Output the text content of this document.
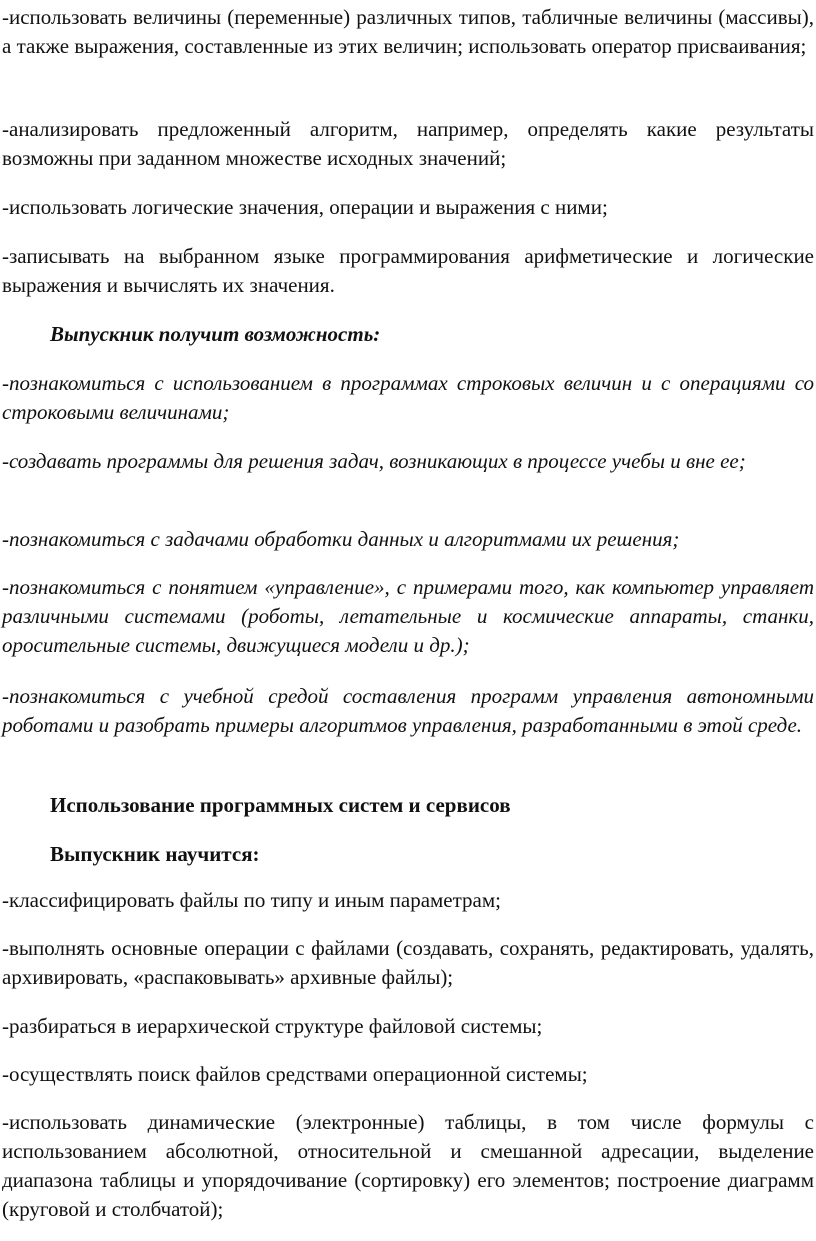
-использовать величины (переменные) различных типов, табличные величины (массивы), а также выражения, составленные из этих величин; использовать оператор присваивания;

-анализировать предложенный алгоритм, например, определять какие результаты возможны при заданном множестве исходных значений;

-использовать логические значения, операции и выражения с ними;

-записывать на выбранном языке программирования арифметические и логические выражения и вычислять их значения.

Выпускник получит возможность:

-познакомиться с использованием в программах строковых величин и с операциями со строковыми величинами;

-создавать программы для решения задач, возникающих в процессе учебы и вне ее;

-познакомиться с задачами обработки данных и алгоритмами их решения;

-познакомиться с понятием «управление», с примерами того, как компьютер управляет различными системами (роботы, летательные и космические аппараты, станки, оросительные системы, движущиеся модели и др.);

-познакомиться с учебной средой составления программ управления автономными роботами и разобрать примеры алгоритмов управления, разработанными в этой среде.

Использование программных систем и сервисов

Выпускник научится:

-классифицировать файлы по типу и иным параметрам;

-выполнять основные операции с файлами (создавать, сохранять, редактировать, удалять, архивировать, «распаковывать» архивные файлы);

-разбираться в иерархической структуре файловой системы;

-осуществлять поиск файлов средствами операционной системы;

-использовать динамические (электронные) таблицы, в том числе формулы с использованием абсолютной, относительной и смешанной адресации, выделение диапазона таблицы и упорядочивание (сортировку) его элементов; построение диаграмм (круговой и столбчатой);
